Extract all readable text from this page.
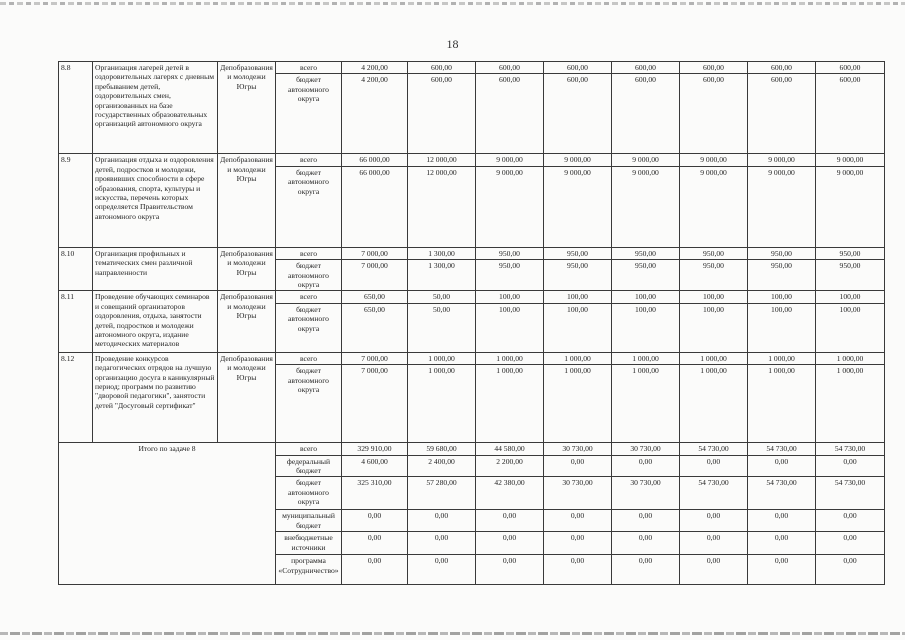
18
8.8	Организация лагерей детей в оздоровительных лагерях с дневным пребыванием детей, оздоровительных смен, организованных на базе государственных образовательных организаций автономного округа	Депобразования и молодежи Югры	всего	4 200,00	600,00	600,00	600,00	600,00	600,00	600,00	600,00
			бюджет автономного округа	4 200,00	600,00	600,00	600,00	600,00	600,00	600,00	600,00
8.9	Организация отдыха и оздоровления детей, подростков и молодежи, проявивших способности в сфере образования, спорта, культуры и искусства, перечень которых определяется Правительством автономного округа	Депобразования и молодежи Югры	всего	66 000,00	12 000,00	9 000,00	9 000,00	9 000,00	9 000,00	9 000,00	9 000,00
			бюджет автономного округа	66 000,00	12 000,00	9 000,00	9 000,00	9 000,00	9 000,00	9 000,00	9 000,00
8.10	Организация профильных и тематических смен различной направленности	Депобразования и молодежи Югры	всего	7 000,00	1 300,00	950,00	950,00	950,00	950,00	950,00	950,00
			бюджет автономного округа	7 000,00	1 300,00	950,00	950,00	950,00	950,00	950,00	950,00
8.11	Проведение обучающих семинаров и совещаний организаторов оздоровления, отдыха, занятости детей, подростков и молодежи автономного округа, издание методических материалов	Депобразования и молодежи Югры	всего	650,00	50,00	100,00	100,00	100,00	100,00	100,00	100,00
			бюджет автономного округа	650,00	50,00	100,00	100,00	100,00	100,00	100,00	100,00
8.12	Проведение конкурсов педагогических отрядов на лучшую организацию досуга в каникулярный период; программ по развитию "дворовой педагогики", занятости детей "Досуговый сертификат"	Депобразования и молодежи Югры	всего	7 000,00	1 000,00	1 000,00	1 000,00	1 000,00	1 000,00	1 000,00	1 000,00
			бюджет автономного округа	7 000,00	1 000,00	1 000,00	1 000,00	1 000,00	1 000,00	1 000,00	1 000,00
Итого по задаче 8			всего	329 910,00	59 680,00	44 580,00	30 730,00	30 730,00	54 730,00	54 730,00	54 730,00
			федеральный бюджет	4 600,00	2 400,00	2 200,00	0,00	0,00	0,00	0,00	0,00
			бюджет автономного округа	325 310,00	57 280,00	42 380,00	30 730,00	30 730,00	54 730,00	54 730,00	54 730,00
			муниципальный бюджет	0,00	0,00	0,00	0,00	0,00	0,00	0,00	0,00
			внебюджетные источники	0,00	0,00	0,00	0,00	0,00	0,00	0,00	0,00
			программа «Сотрудничество»	0,00	0,00	0,00	0,00	0,00	0,00	0,00	0,00
